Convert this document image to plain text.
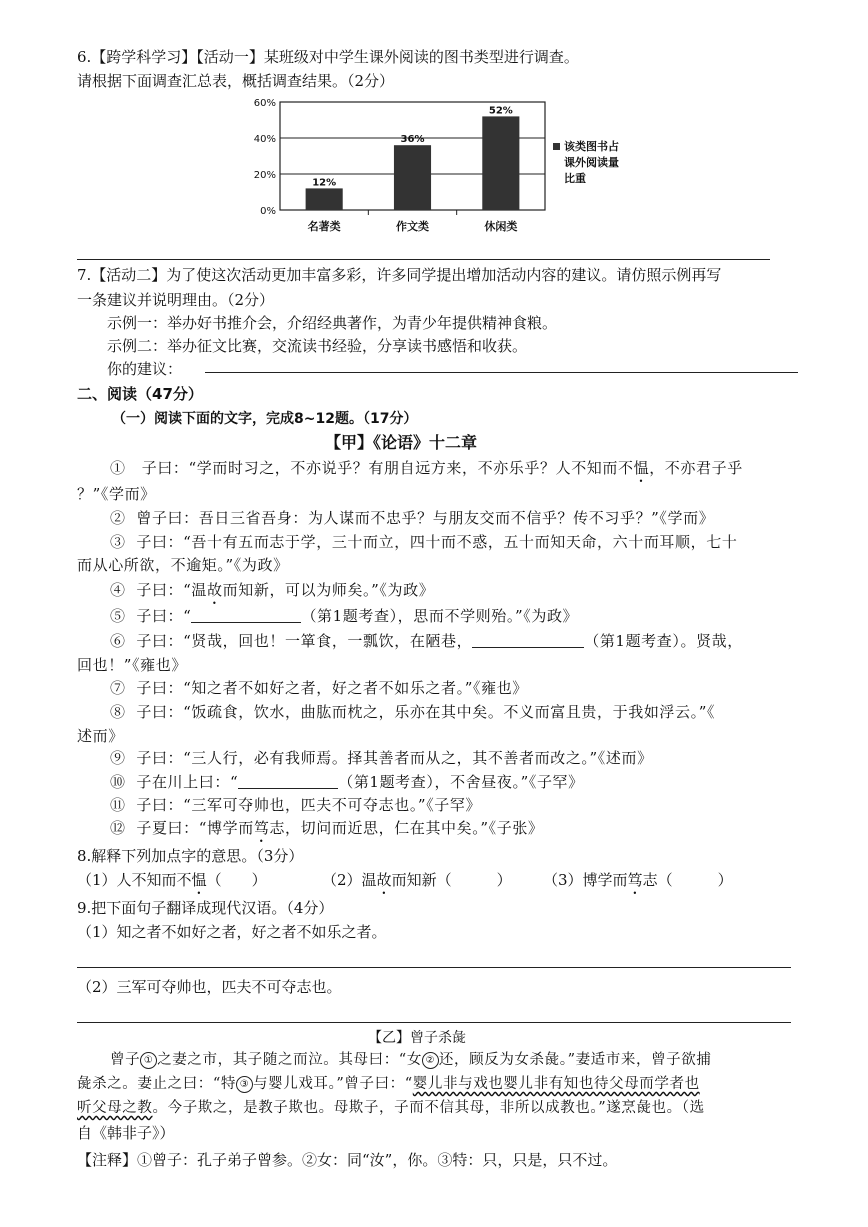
6.【跨学科学习】【活动一】某班级对中学生课外阅读的图书类型进行调查。
请根据下面调查汇总表，概括调查结果。（2分）
0%
20%
40%
60%
12%
名著类
36%
作文类
52%
休闲类
该类图书占
课外阅读量
比重
7.【活动二】为了使这次活动更加丰富多彩，许多同学提出增加活动内容的建议。请仿照示例再写
一条建议并说明理由。（2分）
示例一：举办好书推介会，介绍经典著作，为青少年提供精神食粮。
示例二：举办征文比赛，交流读书经验，分享读书感悟和收获。
你的建议：
二、阅读（47分）
（一）阅读下面的文字，完成8~12题。（17分）
【甲】《论语》十二章
① 子曰：“学而时习之，不亦说乎？有朋自远方来，不亦乐乎？人不知而不愠，不亦君子乎
？”《学而》
② 曾子曰：吾日三省吾身：为人谋而不忠乎？与朋友交而不信乎？传不习乎？”《学而》
③ 子曰：“吾十有五而志于学，三十而立，四十而不惑，五十而知天命，六十而耳顺，七十
而从心所欲，不逾矩。”《为政》
④ 子曰：“温故而知新，可以为师矣。”《为政》
⑤ 子曰：“	（第1题考查），思而不学则殆。”《为政》
⑥ 子曰：“贤哉，回也！一箪食，一瓢饮，在陋巷，	（第1题考查）。贤哉，
回也！”《雍也》
⑦ 子曰：“知之者不如好之者，好之者不如乐之者。”《雍也》
⑧ 子曰：“饭疏食，饮水，曲肱而枕之，乐亦在其中矣。不义而富且贵，于我如浮云。”《
述而》
⑨ 子曰：“三人行，必有我师焉。择其善者而从之，其不善者而改之。”《述而》
⑩ 子在川上曰：“	（第1题考查），不舍昼夜。”《子罕》
⑪ 子曰：“三军可夺帅也，匹夫不可夺志也。”《子罕》
⑫ 子夏曰：“博学而笃志，切问而近思，仁在其中矣。”《子张》
8.解释下列加点字的意思。（3分）
（1）人不知而不愠（　　）	（2）温故而知新（　　　） （3）博学而笃志（　　　）
9.把下面句子翻译成现代汉语。（4分）
（1）知之者不如好之者，好之者不如乐之者。
（2）三军可夺帅也，匹夫不可夺志也。
【乙】曾子杀彘
曾子 ① 之妻之市，其子随之而泣。其母曰：“女 ② 还，顾反为女杀彘。”妻适市来，曾子欲捕
彘杀之。妻止之曰：“特 ③ 与婴儿戏耳。”曾子曰：“婴儿非与戏也婴儿非有知也待父母而学者也
听父母之教。今子欺之，是教子欺也。母欺子，子而不信其母，非所以成教也。”遂烹彘也。（选
自《韩非子》）
【注释】①曾子：孔子弟子曾参。②女：同“汝”，你。③特：只，只是，只不过。
